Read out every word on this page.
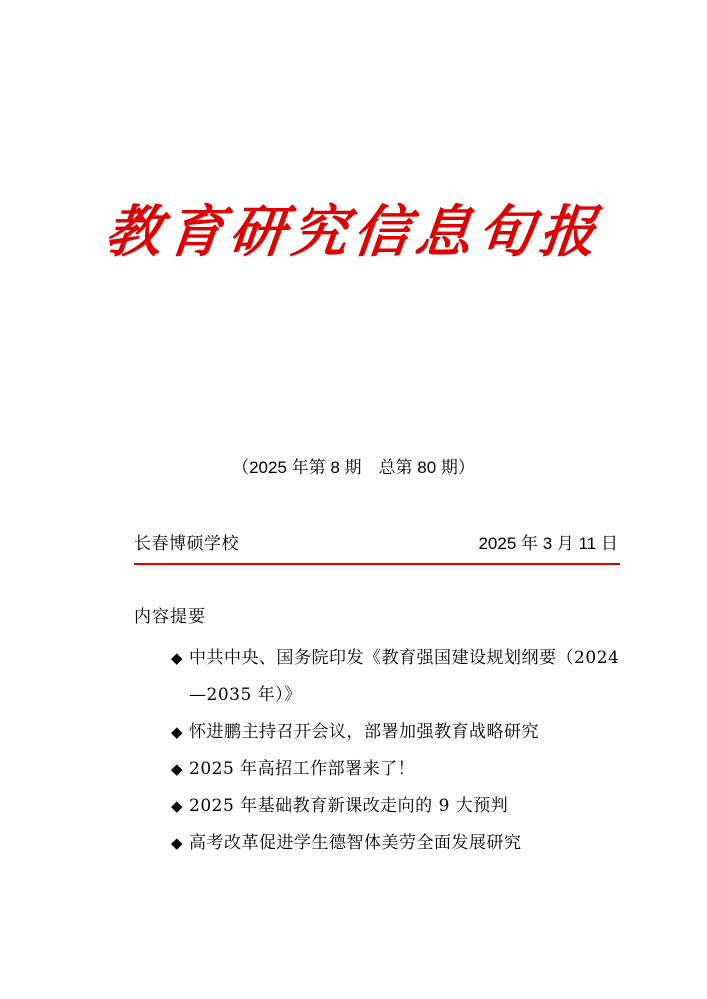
教育研究信息旬报
（2025 年第 8 期　总第 80 期）
长春博硕学校	2025 年 3 月 11 日
内容提要
◆ 中共中央、国务院印发《教育强国建设规划纲要（2024—2035 年）》
◆ 怀进鹏主持召开会议，部署加强教育战略研究
◆ 2025 年高招工作部署来了！
◆ 2025 年基础教育新课改走向的 9 大预判
◆ 高考改革促进学生德智体美劳全面发展研究
